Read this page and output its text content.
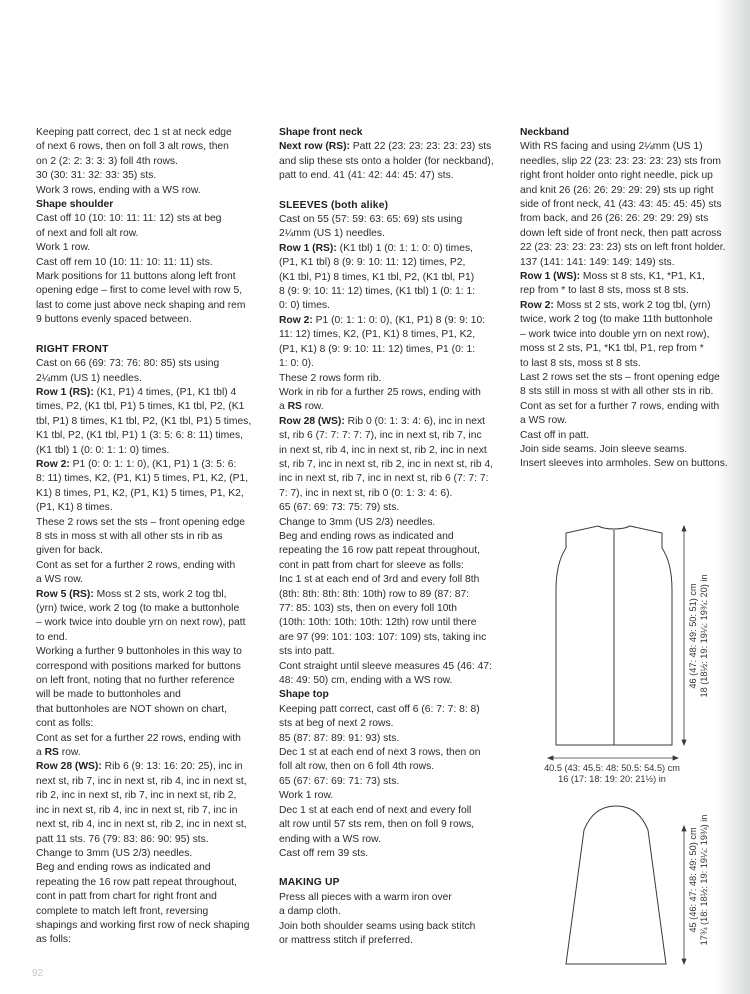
Keeping patt correct, dec 1 st at neck edge

of next 6 rows, then on foll 3 alt rows, then

on 2 (2: 2: 3: 3: 3) foll 4th rows.

30 (30: 31: 32: 33: 35) sts.

Work 3 rows, ending with a WS row.

Shape shoulder

Cast off 10 (10: 10: 11: 11: 12) sts at beg

of next and foll alt row.

Work 1 row.

Cast off rem 10 (10: 11: 10: 11: 11) sts.

Mark positions for 11 buttons along left front

opening edge – first to come level with row 5,

last to come just above neck shaping and rem

9 buttons evenly spaced between.

RIGHT FRONT

Cast on 66 (69: 73: 76: 80: 85) sts using

2¼mm (US 1) needles.

Row 1 (RS): (K1, P1) 4 times, (P1, K1 tbl) 4

times, P2, (K1 tbl, P1) 5 times, K1 tbl, P2, (K1

tbl, P1) 8 times, K1 tbl, P2, (K1 tbl, P1) 5 times,

K1 tbl, P2, (K1 tbl, P1) 1 (3: 5: 6: 8: 11) times,

(K1 tbl) 1 (0: 0: 1: 1: 0) times.

Row 2: P1 (0: 0: 1: 1: 0), (K1, P1) 1 (3: 5: 6:

8: 11) times, K2, (P1, K1) 5 times, P1, K2, (P1,

K1) 8 times, P1, K2, (P1, K1) 5 times, P1, K2,

(P1, K1) 8 times.

These 2 rows set the sts – front opening edge

8 sts in moss st with all other sts in rib as

given for back.

Cont as set for a further 2 rows, ending with

a WS row.

Row 5 (RS): Moss st 2 sts, work 2 tog tbl,

(yrn) twice, work 2 tog (to make a buttonhole

– work twice into double yrn on next row), patt

to end.

Working a further 9 buttonholes in this way to

correspond with positions marked for buttons

on left front, noting that no further reference

will be made to buttonholes and

that buttonholes are NOT shown on chart,

cont as folls:

Cont as set for a further 22 rows, ending with

a RS row.

Row 28 (WS): Rib 6 (9: 13: 16: 20: 25), inc in

next st, rib 7, inc in next st, rib 4, inc in next st,

rib 2, inc in next st, rib 7, inc in next st, rib 2,

inc in next st, rib 4, inc in next st, rib 7, inc in

next st, rib 4, inc in next st, rib 2, inc in next st,

patt 11 sts. 76 (79: 83: 86: 90: 95) sts.

Change to 3mm (US 2/3) needles.

Beg and ending rows as indicated and

repeating the 16 row patt repeat throughout,

cont in patt from chart for right front and

complete to match left front, reversing

shapings and working first row of neck shaping

as folls:

Shape front neck

Next row (RS): Patt 22 (23: 23: 23: 23: 23) sts

and slip these sts onto a holder (for neckband),

patt to end. 41 (41: 42: 44: 45: 47) sts.

SLEEVES (both alike)

Cast on 55 (57: 59: 63: 65: 69) sts using

2¼mm (US 1) needles.

Row 1 (RS): (K1 tbl) 1 (0: 1: 1: 0: 0) times,

(P1, K1 tbl) 8 (9: 9: 10: 11: 12) times, P2,

(K1 tbl, P1) 8 times, K1 tbl, P2, (K1 tbl, P1)

8 (9: 9: 10: 11: 12) times, (K1 tbl) 1 (0: 1: 1:

0: 0) times.

Row 2: P1 (0: 1: 1: 0: 0), (K1, P1) 8 (9: 9: 10:

11: 12) times, K2, (P1, K1) 8 times, P1, K2,

(P1, K1) 8 (9: 9: 10: 11: 12) times, P1 (0: 1:

1: 0: 0).

These 2 rows form rib.

Work in rib for a further 25 rows, ending with

a RS row.

Row 28 (WS): Rib 0 (0: 1: 3: 4: 6), inc in next

st, rib 6 (7: 7: 7: 7: 7), inc in next st, rib 7, inc

in next st, rib 4, inc in next st, rib 2, inc in next

st, rib 7, inc in next st, rib 2, inc in next st, rib 4,

inc in next st, rib 7, inc in next st, rib 6 (7: 7: 7:

7: 7), inc in next st, rib 0 (0: 1: 3: 4: 6).

65 (67: 69: 73: 75: 79) sts.

Change to 3mm (US 2/3) needles.

Beg and ending rows as indicated and

repeating the 16 row patt repeat throughout,

cont in patt from chart for sleeve as folls:

Inc 1 st at each end of 3rd and every foll 8th

(8th: 8th: 8th: 8th: 10th) row to 89 (87: 87:

77: 85: 103) sts, then on every foll 10th

(10th: 10th: 10th: 10th: 12th) row until there

are 97 (99: 101: 103: 107: 109) sts, taking inc

sts into patt.

Cont straight until sleeve measures 45 (46: 47:

48: 49: 50) cm, ending with a WS row.

Shape top

Keeping patt correct, cast off 6 (6: 7: 7: 8: 8)

sts at beg of next 2 rows.

85 (87: 87: 89: 91: 93) sts.

Dec 1 st at each end of next 3 rows, then on

foll alt row, then on 6 foll 4th rows.

65 (67: 67: 69: 71: 73) sts.

Work 1 row.

Dec 1 st at each end of next and every foll

alt row until 57 sts rem, then on foll 9 rows,

ending with a WS row.

Cast off rem 39 sts.

MAKING UP

Press all pieces with a warm iron over

a damp cloth.

Join both shoulder seams using back stitch

or mattress stitch if preferred.

Neckband

With RS facing and using 2¼mm (US 1)

needles, slip 22 (23: 23: 23: 23: 23) sts from

right front holder onto right needle, pick up

and knit 26 (26: 26: 29: 29: 29) sts up right

side of front neck, 41 (43: 43: 45: 45: 45) sts

from back, and 26 (26: 26: 29: 29: 29) sts

down left side of front neck, then patt across

22 (23: 23: 23: 23: 23) sts on left front holder.

137 (141: 141: 149: 149: 149) sts.

Row 1 (WS): Moss st 8 sts, K1, *P1, K1,

rep from * to last 8 sts, moss st 8 sts.

Row 2: Moss st 2 sts, work 2 tog tbl, (yrn)

twice, work 2 tog (to make 11th buttonhole

– work twice into double yrn on next row),

moss st 2 sts, P1, *K1 tbl, P1, rep from *

to last 8 sts, moss st 8 sts.

Last 2 rows set the sts – front opening edge

8 sts still in moss st with all other sts in rib.

Cont as set for a further 7 rows, ending with

a WS row.

Cast off in patt.

Join side seams. Join sleeve seams.

Insert sleeves into armholes. Sew on buttons.

40.5 (43: 45.5: 48: 50.5: 54.5) cm
16 (17: 18: 19: 20: 21½) in
46 (47: 48: 49: 50: 51) cm 18 (18½: 19: 19¼: 19¾: 20) in
45 (46: 47: 48: 49: 50) cm 17¾ (18: 18½: 19: 19¼: 19¾) in
92
